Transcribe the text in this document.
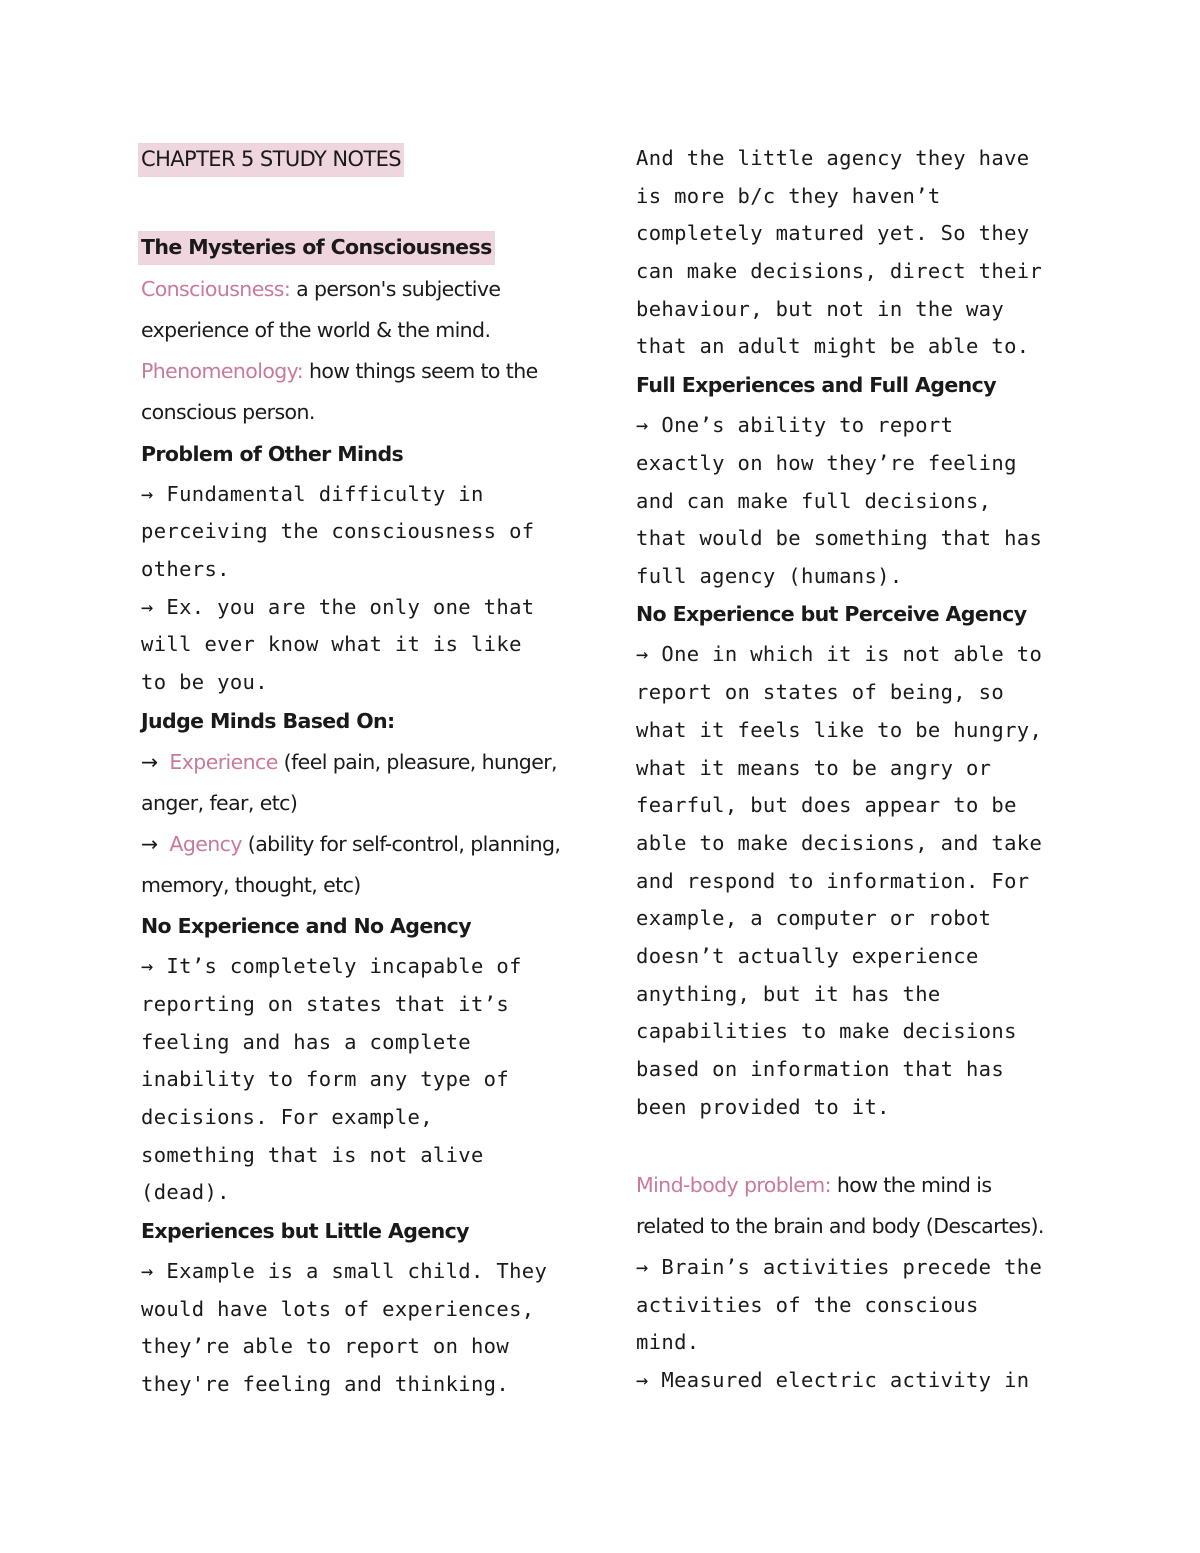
CHAPTER 5 STUDY NOTES
The Mysteries of Consciousness
Consciousness: a person's subjective
experience of the world & the mind.
Phenomenology: how things seem to the
conscious person.
Problem of Other Minds
→ Fundamental difficulty in
perceiving the consciousness of
others.
→ Ex. you are the only one that
will ever know what it is like
to be you.
Judge Minds Based On:
→ Experience (feel pain, pleasure, hunger,
anger, fear, etc)
→ Agency (ability for self-control, planning,
memory, thought, etc)
No Experience and No Agency
→ It’s completely incapable of
reporting on states that it’s
feeling and has a complete
inability to form any type of
decisions. For example,
something that is not alive
(dead).
Experiences but Little Agency
→ Example is a small child. They
would have lots of experiences,
they’re able to report on how
they're feeling and thinking.
And the little agency they have
is more b/c they haven’t
completely matured yet. So they
can make decisions, direct their
behaviour, but not in the way
that an adult might be able to.
Full Experiences and Full Agency
→ One’s ability to report
exactly on how they’re feeling
and can make full decisions,
that would be something that has
full agency (humans).
No Experience but Perceive Agency
→ One in which it is not able to
report on states of being, so
what it feels like to be hungry,
what it means to be angry or
fearful, but does appear to be
able to make decisions, and take
and respond to information. For
example, a computer or robot
doesn’t actually experience
anything, but it has the
capabilities to make decisions
based on information that has
been provided to it.
Mind-body problem: how the mind is
related to the brain and body (Descartes).
→ Brain’s activities precede the
activities of the conscious
mind.
→ Measured electric activity in
